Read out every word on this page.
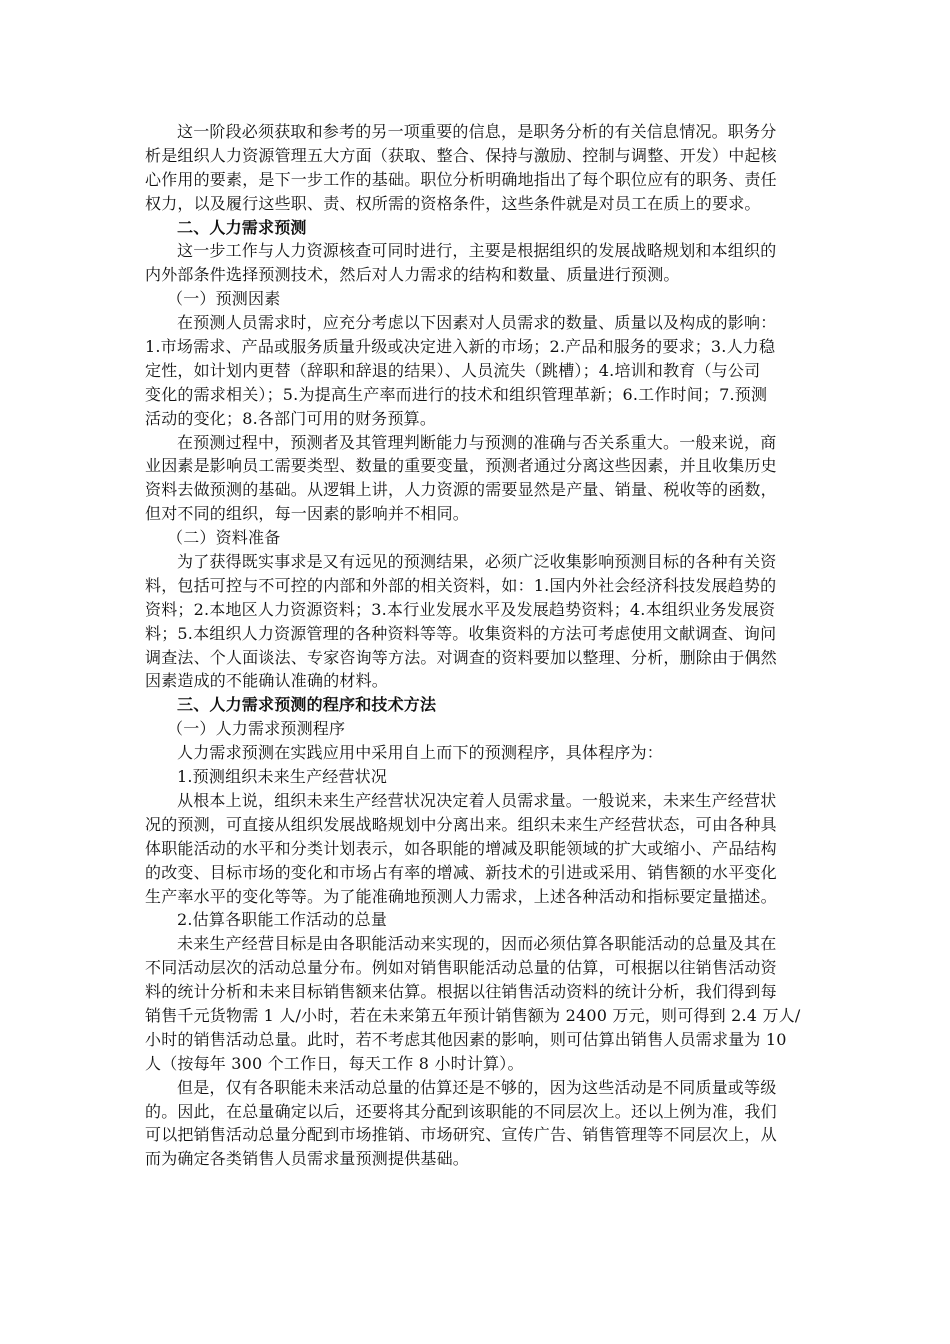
这一阶段必须获取和参考的另一项重要的信息，是职务分析的有关信息情况。职务分
析是组织人力资源管理五大方面（获取、整合、保持与激励、控制与调整、开发）中起核
心作用的要素，是下一步工作的基础。职位分析明确地指出了每个职位应有的职务、责任
权力，以及履行这些职、责、权所需的资格条件，这些条件就是对员工在质上的要求。
二、人力需求预测
这一步工作与人力资源核查可同时进行，主要是根据组织的发展战略规划和本组织的
内外部条件选择预测技术，然后对人力需求的结构和数量、质量进行预测。
（一）预测因素
在预测人员需求时，应充分考虑以下因素对人员需求的数量、质量以及构成的影响：
1.市场需求、产品或服务质量升级或决定进入新的市场；2.产品和服务的要求；3.人力稳
定性，如计划内更替（辞职和辞退的结果）、人员流失（跳槽）；4.培训和教育（与公司
变化的需求相关）；5.为提高生产率而进行的技术和组织管理革新；6.工作时间；7.预测
活动的变化；8.各部门可用的财务预算。
在预测过程中，预测者及其管理判断能力与预测的准确与否关系重大。一般来说，商
业因素是影响员工需要类型、数量的重要变量，预测者通过分离这些因素，并且收集历史
资料去做预测的基础。从逻辑上讲，人力资源的需要显然是产量、销量、税收等的函数，
但对不同的组织，每一因素的影响并不相同。
（二）资料准备
为了获得既实事求是又有远见的预测结果，必须广泛收集影响预测目标的各种有关资
料，包括可控与不可控的内部和外部的相关资料，如：1.国内外社会经济科技发展趋势的
资料；2.本地区人力资源资料；3.本行业发展水平及发展趋势资料；4.本组织业务发展资
料；5.本组织人力资源管理的各种资料等等。收集资料的方法可考虑使用文献调查、询问
调查法、个人面谈法、专家咨询等方法。对调查的资料要加以整理、分析，删除由于偶然
因素造成的不能确认准确的材料。
三、人力需求预测的程序和技术方法
（一）人力需求预测程序
人力需求预测在实践应用中采用自上而下的预测程序，具体程序为：
1.预测组织未来生产经营状况
从根本上说，组织未来生产经营状况决定着人员需求量。一般说来，未来生产经营状
况的预测，可直接从组织发展战略规划中分离出来。组织未来生产经营状态，可由各种具
体职能活动的水平和分类计划表示，如各职能的增减及职能领域的扩大或缩小、产品结构
的改变、目标市场的变化和市场占有率的增减、新技术的引进或采用、销售额的水平变化
生产率水平的变化等等。为了能准确地预测人力需求，上述各种活动和指标要定量描述。
2.估算各职能工作活动的总量
未来生产经营目标是由各职能活动来实现的，因而必须估算各职能活动的总量及其在
不同活动层次的活动总量分布。例如对销售职能活动总量的估算，可根据以往销售活动资
料的统计分析和未来目标销售额来估算。根据以往销售活动资料的统计分析，我们得到每
销售千元货物需 1 人/小时，若在未来第五年预计销售额为 2400 万元，则可得到 2.4 万人/
小时的销售活动总量。此时，若不考虑其他因素的影响，则可估算出销售人员需求量为 10
人（按每年 300 个工作日，每天工作 8 小时计算）。
但是，仅有各职能未来活动总量的估算还是不够的，因为这些活动是不同质量或等级
的。因此，在总量确定以后，还要将其分配到该职能的不同层次上。还以上例为准，我们
可以把销售活动总量分配到市场推销、市场研究、宣传广告、销售管理等不同层次上，从
而为确定各类销售人员需求量预测提供基础。
